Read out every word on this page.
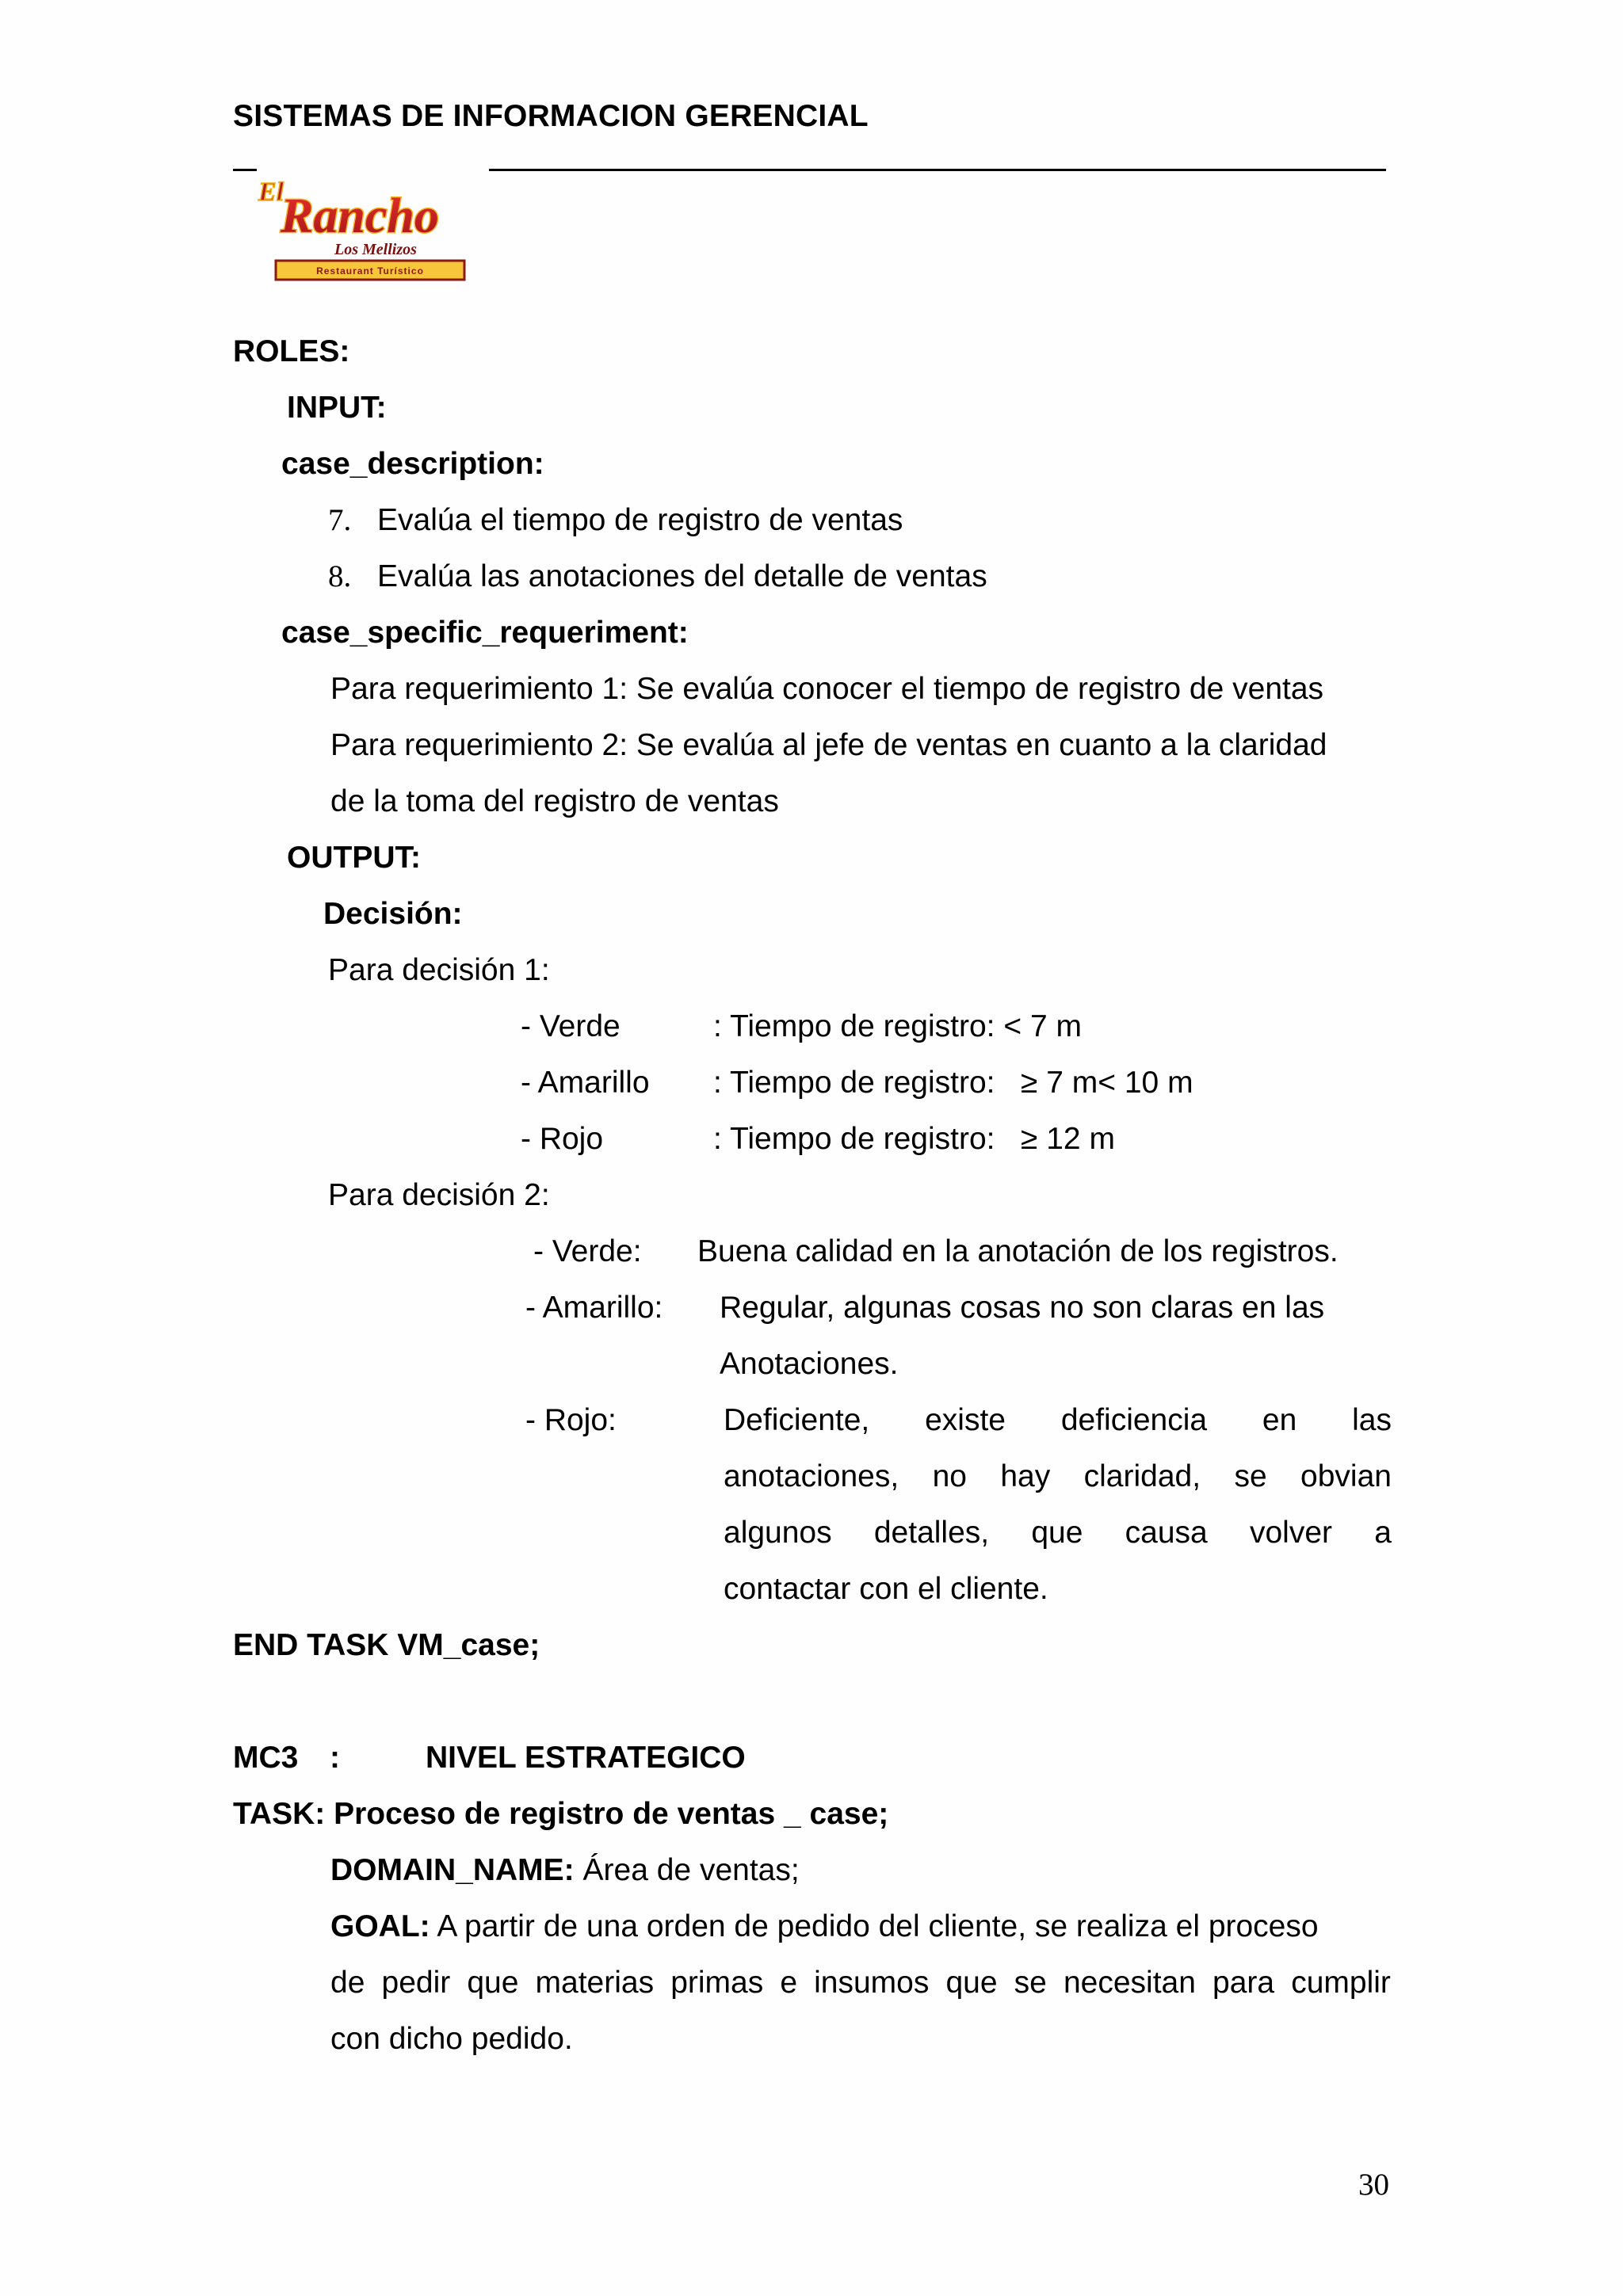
SISTEMAS DE INFORMACION GERENCIAL
El
Rancho
Los Mellizos
Restaurant Turístico
ROLES:
INPUT:
case_description:
7. Evalúa el tiempo de registro de ventas
8. Evalúa las anotaciones del detalle de ventas
case_specific_requeriment:
Para requerimiento 1: Se evalúa conocer el tiempo de registro de ventas
Para requerimiento 2: Se evalúa al jefe de ventas en cuanto a la claridad
de la toma del registro de ventas
OUTPUT:
Decisión:
Para decisión 1:
- Verde	: Tiempo de registro: < 7 m
- Amarillo : Tiempo de registro:   ≥ 7 m< 10 m
- Rojo	: Tiempo de registro:   ≥ 12 m
Para decisión 2:
- Verde: Buena calidad en la anotación de los registros.
- Amarillo: Regular, algunas cosas no son claras en las
Anotaciones.
- Rojo:	Deficiente, existe deficiencia en las
anotaciones, no hay claridad, se obvian
algunos detalles, que causa volver a
contactar con el cliente.
END TASK VM_case;
MC3 :	NIVEL ESTRATEGICO
TASK: Proceso de registro de ventas _ case;
DOMAIN_NAME: Área de ventas;
GOAL: A partir de una orden de pedido del cliente, se realiza el proceso
de pedir que materias primas e insumos que se necesitan para cumplir
con dicho pedido.
30
